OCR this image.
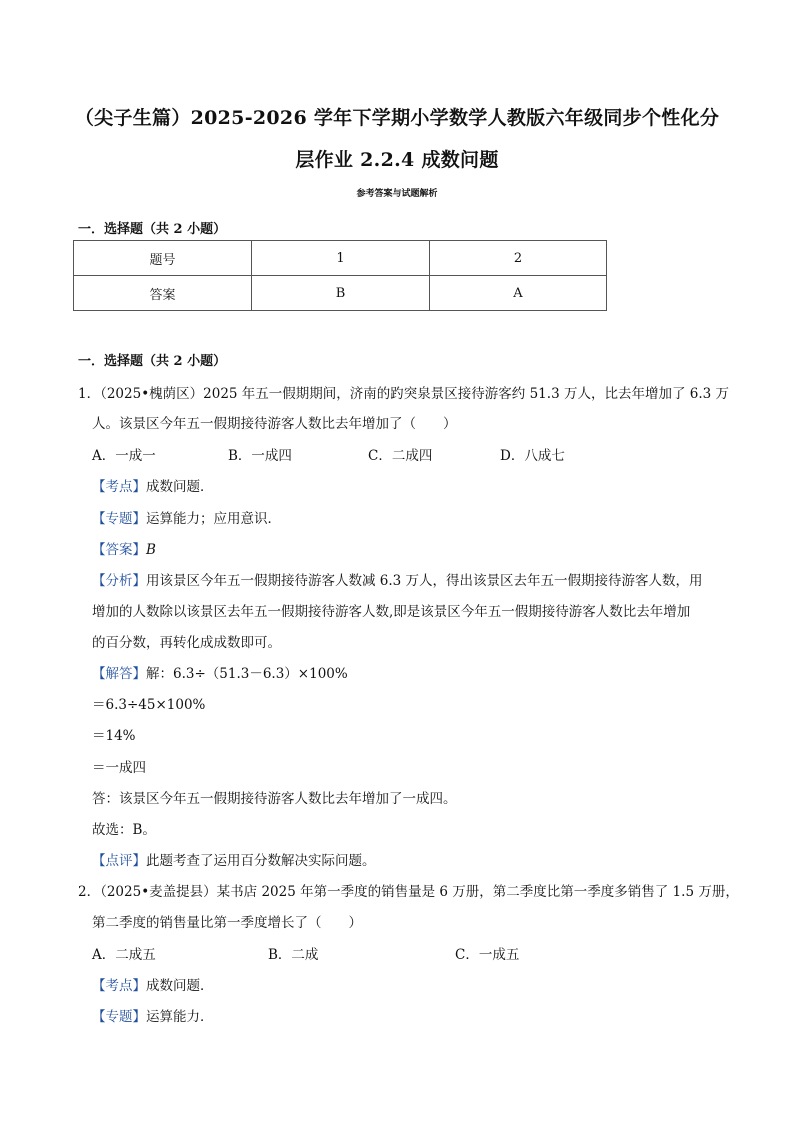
（尖子生篇）2025-2026 学年下学期小学数学人教版六年级同步个性化分
层作业 2.2.4 成数问题
参考答案与试题解析
一．选择题（共 2 小题）
题号	1	2
答案	B	A
一．选择题（共 2 小题）
1．（2025•槐荫区）2025 年五一假期期间，济南的趵突泉景区接待游客约 51.3 万人，比去年增加了 6.3 万
人。该景区今年五一假期接待游客人数比去年增加了（　　）
A．一成一	B．一成四	C．二成四	D．八成七
【考点】成数问题．
【专题】运算能力；应用意识．
【答案】B
【分析】用该景区今年五一假期接待游客人数减 6.3 万人，得出该景区去年五一假期接待游客人数，用
增加的人数除以该景区去年五一假期接待游客人数,即是该景区今年五一假期接待游客人数比去年增加
的百分数，再转化成成数即可。
【解答】解：6.3÷（51.3－6.3）×100%
＝6.3÷45×100%
＝14%
＝一成四
答：该景区今年五一假期接待游客人数比去年增加了一成四。
故选：B。
【点评】此题考查了运用百分数解决实际问题。
2．（2025•麦盖提县）某书店 2025 年第一季度的销售量是 6 万册，第二季度比第一季度多销售了 1.5 万册，
第二季度的销售量比第一季度增长了（　　）
A．二成五	B．二成	C．一成五
【考点】成数问题．
【专题】运算能力．
